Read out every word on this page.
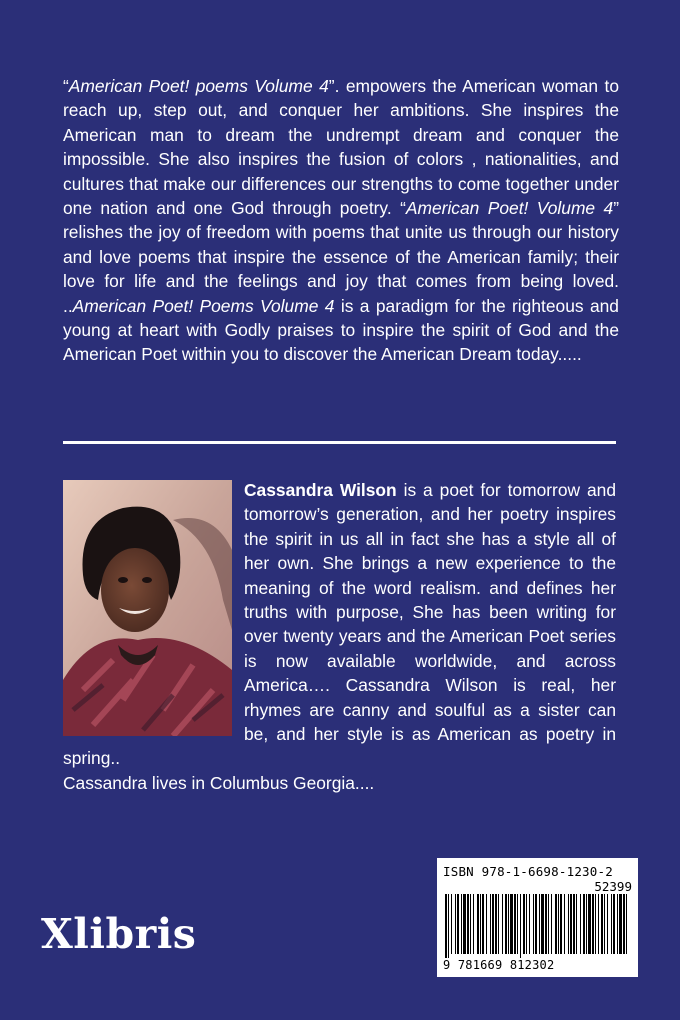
“American Poet! poems Volume 4”. empowers the American woman to reach up, step out, and conquer her ambitions. She inspires the American man to dream the undrempt dream and conquer the impossible. She also inspires the fusion of colors , nationalities, and cultures that make our differences our strengths to come together under one nation and one God through poetry. “American Poet! Volume 4” relishes the joy of freedom with poems that unite us through our history and love poems that inspire the essence of the American family; their love for life and the feelings and joy that comes from being loved. ..American Poet! Poems Volume 4 is a paradigm for the righteous and young at heart with Godly praises to inspire the spirit of God and the American Poet within you to discover the American Dream today.....
Cassandra Wilson is a poet for tomorrow and tomorrow’s generation, and her poetry inspires the spirit in us all in fact she has a style all of her own. She brings a new experience to the meaning of the word realism. and defines her truths with purpose, She has been writing for over twenty years and the American Poet series is now available worldwide, and across America…. Cassandra Wilson is real, her rhymes are canny and soulful as a sister can be, and her style is as American as poetry in spring..
Cassandra lives in Columbus Georgia....
Xlibris
ISBN 978-1-6698-1230-2
52399
9 781669 812302
